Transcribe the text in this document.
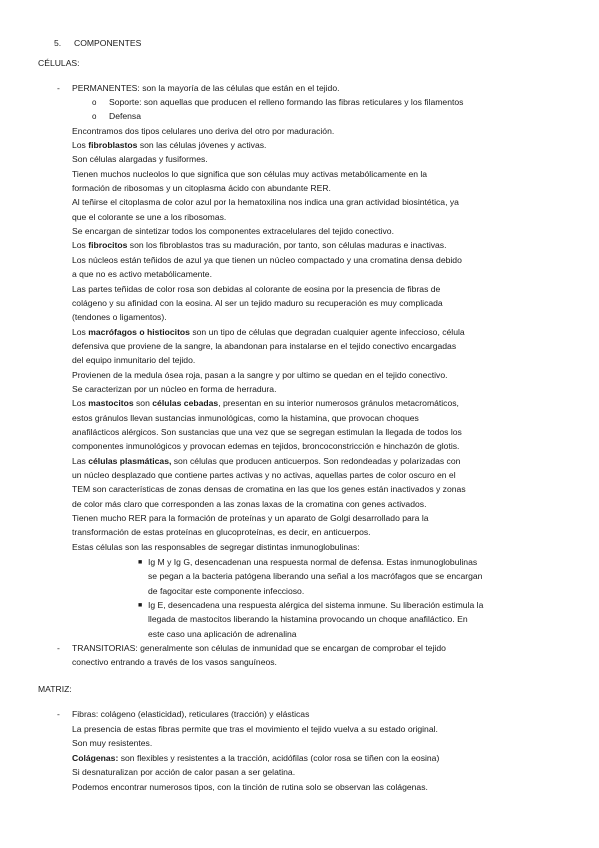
5. COMPONENTES
CÉLULAS:
- PERMANENTES: son la mayoría de las células que están en el tejido.
o Soporte: son aquellas que producen el relleno formando las fibras reticulares y los filamentos
o Defensa
Encontramos dos tipos celulares uno deriva del otro por maduración.
Los fibroblastos son las células jóvenes y activas.
Son células alargadas y fusiformes.
Tienen muchos nucleolos lo que significa que son células muy activas metabólicamente en la
formación de ribosomas y un citoplasma ácido con abundante RER.
Al teñirse el citoplasma de color azul por la hematoxilina nos indica una gran actividad biosintética, ya
que el colorante se une a los ribosomas.
Se encargan de sintetizar todos los componentes extracelulares del tejido conectivo.
Los fibrocitos son los fibroblastos tras su maduración, por tanto, son células maduras e inactivas.
Los núcleos están teñidos de azul ya que tienen un núcleo compactado y una cromatina densa debido
a que no es activo metabólicamente.
Las partes teñidas de color rosa son debidas al colorante de eosina por la presencia de fibras de
colágeno y su afinidad con la eosina. Al ser un tejido maduro su recuperación es muy complicada
(tendones o ligamentos).
Los macrófagos o histiocitos son un tipo de células que degradan cualquier agente infeccioso, célula
defensiva que proviene de la sangre, la abandonan para instalarse en el tejido conectivo encargadas
del equipo inmunitario del tejido.
Provienen de la medula ósea roja, pasan a la sangre y por ultimo se quedan en el tejido conectivo.
Se caracterizan por un núcleo en forma de herradura.
Los mastocitos son células cebadas, presentan en su interior numerosos gránulos metacromáticos,
estos gránulos llevan sustancias inmunológicas, como la histamina, que provocan choques
anafilácticos alérgicos. Son sustancias que una vez que se segregan estimulan la llegada de todos los
componentes inmunológicos y provocan edemas en tejidos, broncoconstricción e hinchazón de glotis.
Las células plasmáticas, son células que producen anticuerpos. Son redondeadas y polarizadas con
un núcleo desplazado que contiene partes activas y no activas, aquellas partes de color oscuro en el
TEM son características de zonas densas de cromatina en las que los genes están inactivados y zonas
de color más claro que corresponden a las zonas laxas de la cromatina con genes activados.
Tienen mucho RER para la formación de proteínas y un aparato de Golgi desarrollado para la
transformación de estas proteínas en glucoproteínas, es decir, en anticuerpos.
Estas células son las responsables de segregar distintas inmunoglobulinas:
■ Ig M y Ig G, desencadenan una respuesta normal de defensa. Estas inmunoglobulinas
se pegan a la bacteria patógena liberando una señal a los macrófagos que se encargan
de fagocitar este componente infeccioso.
■ Ig E, desencadena una respuesta alérgica del sistema inmune. Su liberación estimula la
llegada de mastocitos liberando la histamina provocando un choque anafiláctico. En
este caso una aplicación de adrenalina
- TRANSITORIAS: generalmente son células de inmunidad que se encargan de comprobar el tejido
conectivo entrando a través de los vasos sanguíneos.
MATRIZ:
- Fibras: colágeno (elasticidad), reticulares (tracción) y elásticas
La presencia de estas fibras permite que tras el movimiento el tejido vuelva a su estado original.
Son muy resistentes.
Colágenas: son flexibles y resistentes a la tracción, acidófilas (color rosa se tiñen con la eosina)
Si desnaturalizan por acción de calor pasan a ser gelatina.
Podemos encontrar numerosos tipos, con la tinción de rutina solo se observan las colágenas.
